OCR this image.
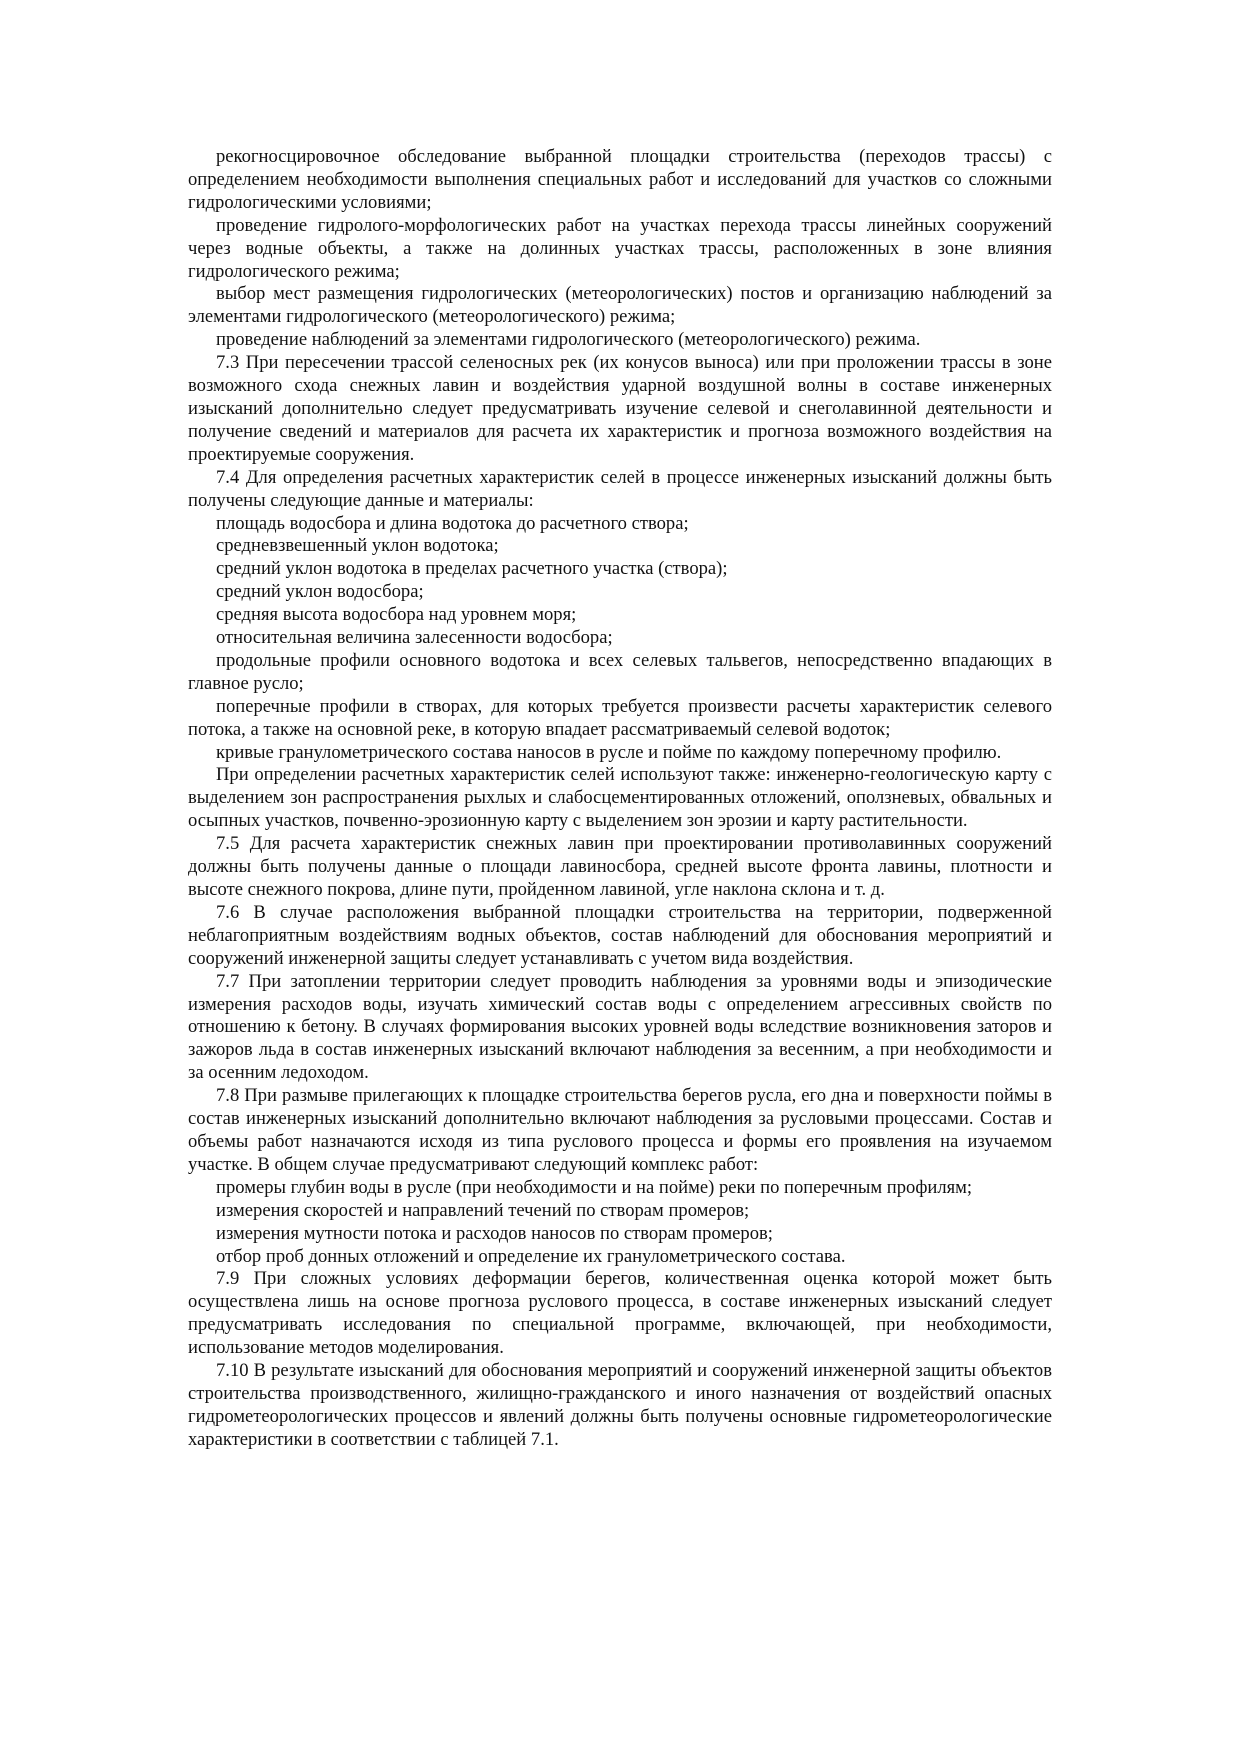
рекогносцировочное обследование выбранной площадки строительства (переходов трассы) с определением необходимости выполнения специальных работ и исследований для участков со сложными гидрологическими условиями;

проведение гидролого-морфологических работ на участках перехода трассы линейных сооружений через водные объекты, а также на долинных участках трассы, расположенных в зоне влияния гидрологического режима;

выбор мест размещения гидрологических (метеорологических) постов и организацию наблюдений за элементами гидрологического (метеорологического) режима;

проведение наблюдений за элементами гидрологического (метеорологического) режима.

7.3 При пересечении трассой селеносных рек (их конусов выноса) или при проложении трассы в зоне возможного схода снежных лавин и воздействия ударной воздушной волны в составе инженерных изысканий дополнительно следует предусматривать изучение селевой и снеголавинной деятельности и получение сведений и материалов для расчета их характеристик и прогноза возможного воздействия на проектируемые сооружения.

7.4 Для определения расчетных характеристик селей в процессе инженерных изысканий должны быть получены следующие данные и материалы:

площадь водосбора и длина водотока до расчетного створа;

средневзвешенный уклон водотока;

средний уклон водотока в пределах расчетного участка (створа);

средний уклон водосбора;

средняя высота водосбора над уровнем моря;

относительная величина залесенности водосбора;

продольные профили основного водотока и всех селевых тальвегов, непосредственно впадающих в главное русло;

поперечные профили в створах, для которых требуется произвести расчеты характеристик селевого потока, а также на основной реке, в которую впадает рассматриваемый селевой водоток;

кривые гранулометрического состава наносов в русле и пойме по каждому поперечному профилю.

При определении расчетных характеристик селей используют также: инженерно-геологическую карту с выделением зон распространения рыхлых и слабосцементированных отложений, оползневых, обвальных и осыпных участков, почвенно-эрозионную карту с выделением зон эрозии и карту растительности.

7.5 Для расчета характеристик снежных лавин при проектировании противолавинных сооружений должны быть получены данные о площади лавиносбора, средней высоте фронта лавины, плотности и высоте снежного покрова, длине пути, пройденном лавиной, угле наклона склона и т. д.

7.6 В случае расположения выбранной площадки строительства на территории, подверженной неблагоприятным воздействиям водных объектов, состав наблюдений для обоснования мероприятий и сооружений инженерной защиты следует устанавливать с учетом вида воздействия.

7.7 При затоплении территории следует проводить наблюдения за уровнями воды и эпизодические измерения расходов воды, изучать химический состав воды с определением агрессивных свойств по отношению к бетону. В случаях формирования высоких уровней воды вследствие возникновения заторов и зажоров льда в состав инженерных изысканий включают наблюдения за весенним, а при необходимости и за осенним ледоходом.

7.8 При размыве прилегающих к площадке строительства берегов русла, его дна и поверхности поймы в состав инженерных изысканий дополнительно включают наблюдения за русловыми процессами. Состав и объемы работ назначаются исходя из типа руслового процесса и формы его проявления на изучаемом участке. В общем случае предусматривают следующий комплекс работ:

промеры глубин воды в русле (при необходимости и на пойме) реки по поперечным профилям;

измерения скоростей и направлений течений по створам промеров;

измерения мутности потока и расходов наносов по створам промеров;

отбор проб донных отложений и определение их гранулометрического состава.

7.9 При сложных условиях деформации берегов, количественная оценка которой может быть осуществлена лишь на основе прогноза руслового процесса, в составе инженерных изысканий следует предусматривать исследования по специальной программе, включающей, при необходимости, использование методов моделирования.

7.10 В результате изысканий для обоснования мероприятий и сооружений инженерной защиты объектов строительства производственного, жилищно-гражданского и иного назначения от воздействий опасных гидрометеорологических процессов и явлений должны быть получены основные гидрометеорологические характеристики в соответствии с таблицей 7.1.
